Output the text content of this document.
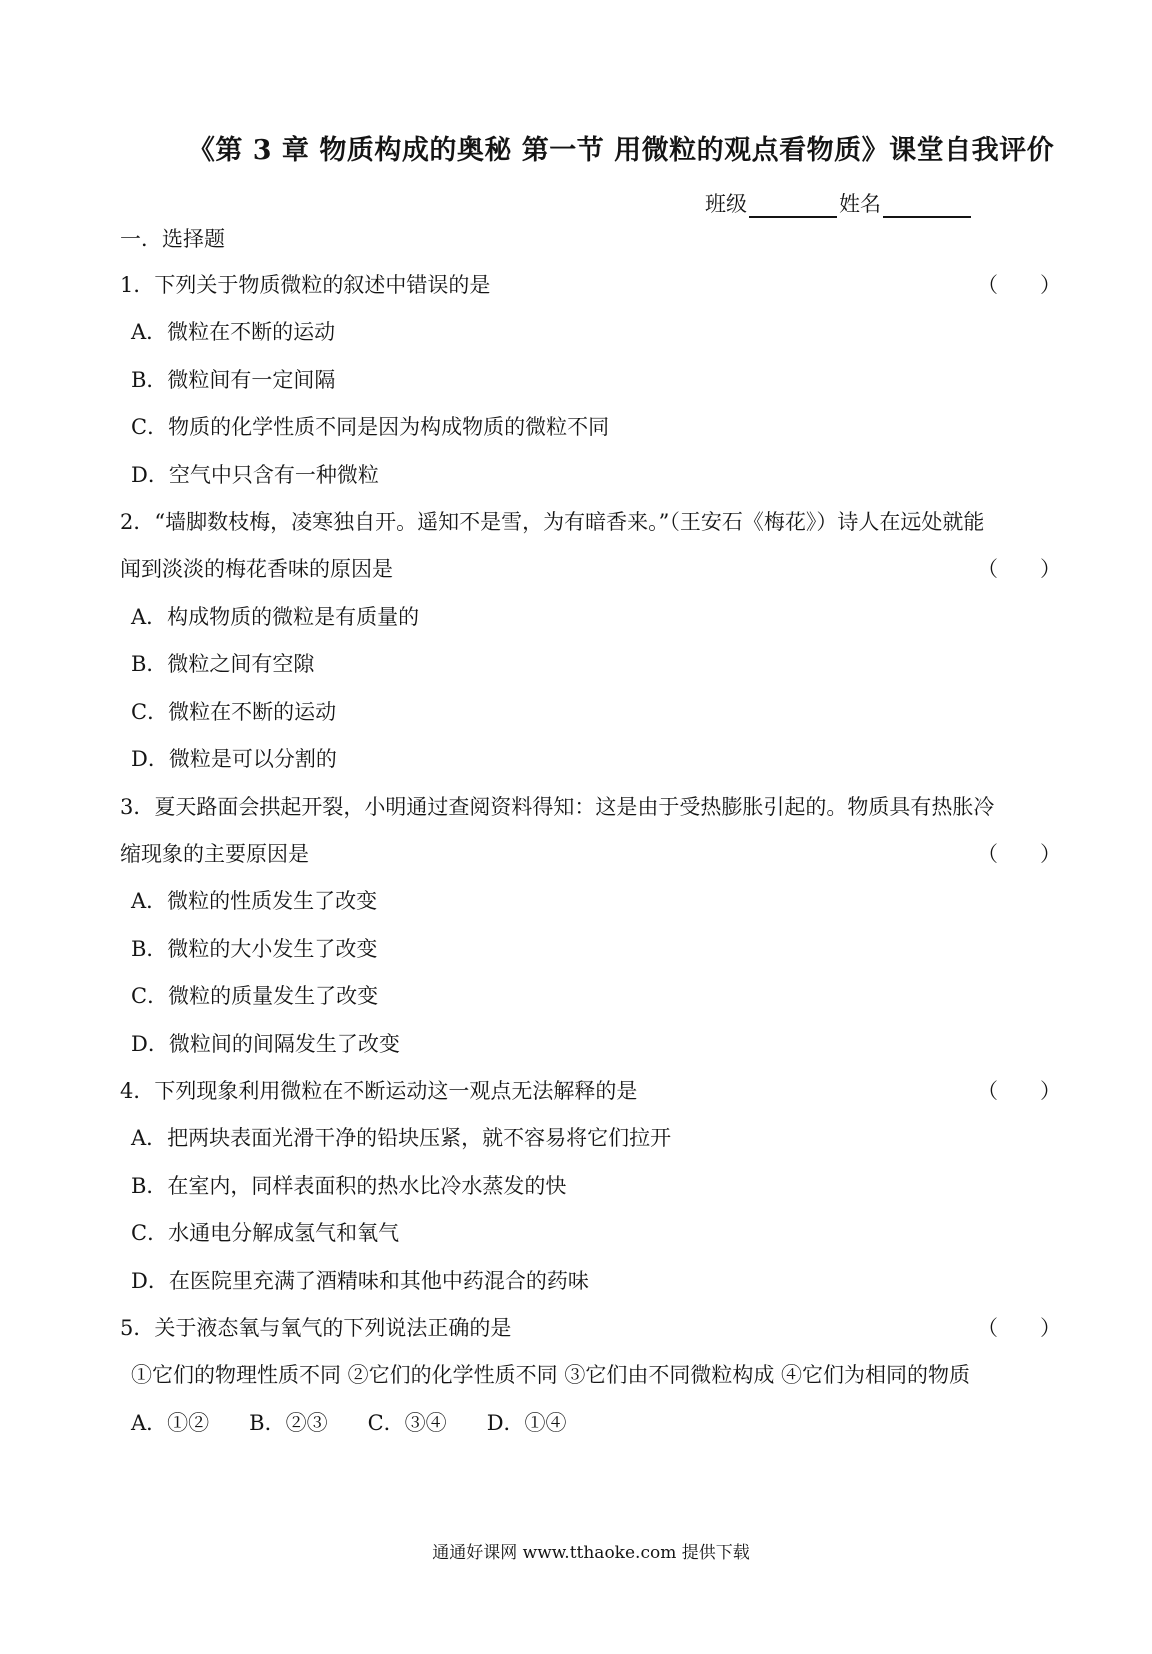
《第 3 章 物质构成的奥秘 第一节 用微粒的观点看物质》课堂自我评价
班级	姓名
一．选择题
1．下列关于物质微粒的叙述中错误的是	（　　）
A．微粒在不断的运动
B．微粒间有一定间隔
C．物质的化学性质不同是因为构成物质的微粒不同
D．空气中只含有一种微粒
2．“墙脚数枝梅，凌寒独自开。遥知不是雪，为有暗香来。”（王安石《梅花》）诗人在远处就能
闻到淡淡的梅花香味的原因是	（　　）
A．构成物质的微粒是有质量的
B．微粒之间有空隙
C．微粒在不断的运动
D．微粒是可以分割的
3．夏天路面会拱起开裂，小明通过查阅资料得知：这是由于受热膨胀引起的。物质具有热胀冷
缩现象的主要原因是	（　　）
A．微粒的性质发生了改变
B．微粒的大小发生了改变
C．微粒的质量发生了改变
D．微粒间的间隔发生了改变
4．下列现象利用微粒在不断运动这一观点无法解释的是	（　　）
A．把两块表面光滑干净的铅块压紧，就不容易将它们拉开
B．在室内，同样表面积的热水比冷水蒸发的快
C．水通电分解成氢气和氧气
D．在医院里充满了酒精味和其他中药混合的药味
5．关于液态氧与氧气的下列说法正确的是	（　　）
①它们的物理性质不同 ②它们的化学性质不同 ③它们由不同微粒构成 ④它们为相同的物质
A．①② B．②③ C．③④ D．①④
通通好课网 www.tthaoke.com 提供下载
